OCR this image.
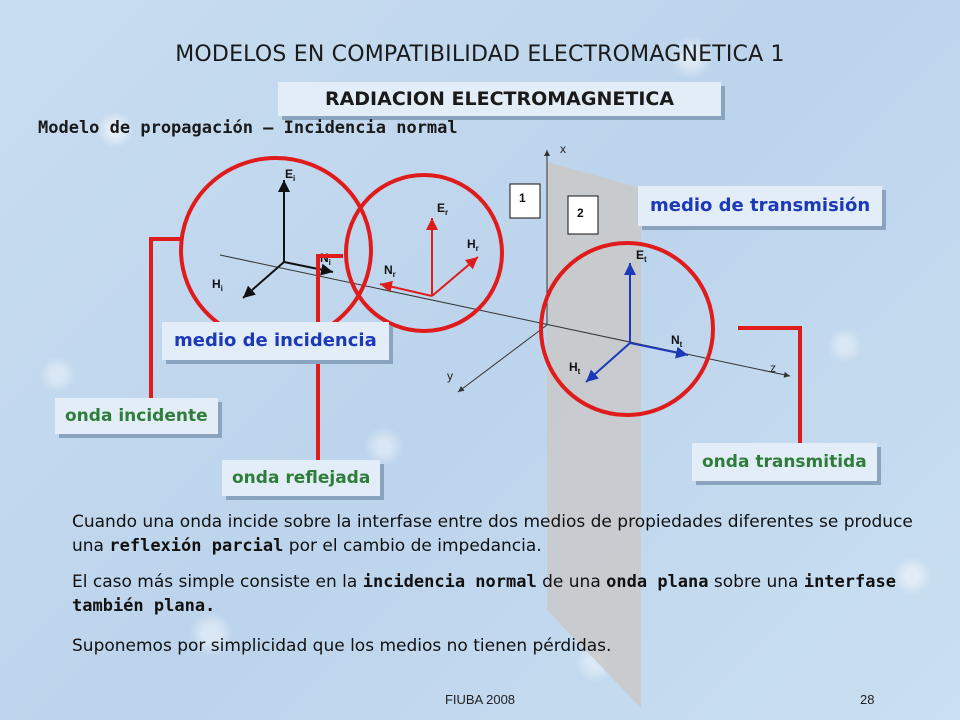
MODELOS EN COMPATIBILIDAD ELECTROMAGNETICA 1
RADIACION ELECTROMAGNETICA
Modelo de propagación – Incidencia normal
x
y
z
1
2
$E_i$
$H_i$
$N_i$
$E_r$
$H_r$
$N_r$
$E_t$
$H_t$
$N_t$
medio de transmisión
medio de incidencia
onda incidente
onda reflejada
onda transmitida
Cuando una onda incide sobre la interfase entre dos medios de propiedades diferentes se produce una reflexión parcial por el cambio de impedancia.
El caso más simple consiste en la incidencia normal de una onda plana sobre una interfase también plana.
Suponemos por simplicidad que los medios no tienen pérdidas.
FIUBA 2008	28
